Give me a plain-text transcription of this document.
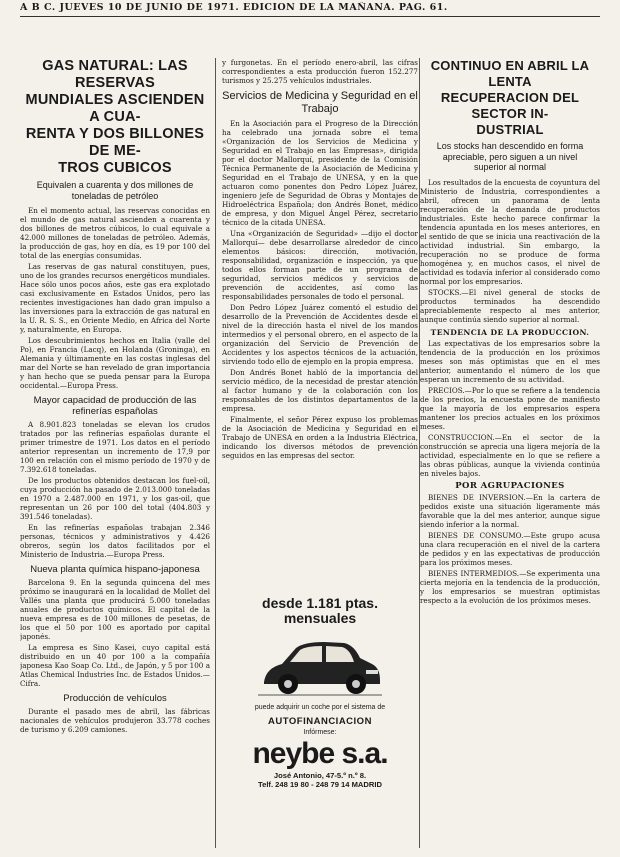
A B C. JUEVES 10 DE JUNIO DE 1971. EDICION DE LA MAÑANA. PAG. 61.
GAS NATURAL: LAS RESERVAS
MUNDIALES ASCIENDEN A CUA-
RENTA Y DOS BILLONES DE ME-
TROS CUBICOS
Equivalen a cuarenta y dos millones de toneladas de petróleo

En el momento actual, las reservas conocidas en el mundo de gas natural ascienden a cuarenta y dos billones de metros cúbicos, lo cual equivale a 42.000 millones de toneladas de petróleo. Además, la producción de gas, hoy en día, es 19 por 100 del total de las energías consumidas.

Las reservas de gas natural constituyen, pues, uno de los grandes recursos energéticos mundiales. Hace sólo unos pocos años, este gas era explotado casi exclusivamente en Estados Unidos, pero las recientes investigaciones han dado gran impulso a las inversiones para la extracción de gas natural en la U. R. S. S., en Oriente Medio, en Africa del Norte y, naturalmente, en Europa.

Los descubrimientos hechos en Italia (valle del Po), en Francia (Lacq), en Holanda (Groninga), en Alemania y últimamente en las costas inglesas del mar del Norte se han revelado de gran importancia y han hecho que se pueda pensar para la Europa occidental.—Europa Press.

Mayor capacidad de producción de las refinerías españolas

A 8.901.823 toneladas se elevan los crudos tratados por las refinerías españolas durante el primer trimestre de 1971. Los datos en el período anterior representan un incremento de 17,9 por 100 en relación con el mismo período de 1970 y de 7.392.618 toneladas.

De los productos obtenidos destacan los fuel-oil, cuya producción ha pasado de 2.013.000 toneladas en 1970 a 2.487.000 en 1971, y los gas-oil, que representan un 26 por 100 del total (404.803 y 391.546 toneladas).

En las refinerías españolas trabajan 2.346 personas, técnicos y administrativos y 4.426 obreros, según los datos facilitados por el Ministerio de Industria.—Europa Press.

Nueva planta química hispano-japonesa

Barcelona 9. En la segunda quincena del mes próximo se inaugurará en la localidad de Mollet del Vallés una planta que producirá 5.000 toneladas anuales de productos químicos. El capital de la nueva empresa es de 100 millones de pesetas, de los que el 50 por 100 es aportado por capital japonés.

La empresa es Sino Kasei, cuyo capital está distribuido en un 40 por 100 a la compañía japonesa Kao Soap Co. Ltd., de Japón, y 5 por 100 a Atlas Chemical Industries Inc. de Estados Unidos.—Cifra.

Producción de vehículos

Durante el pasado mes de abril, las fábricas nacionales de vehículos produjeron 33.778 coches de turismo y 6.209 camiones.

y furgonetas. En el período enero-abril, las cifras correspondientes a esta producción fueron 152.277 turismos y 25.275 vehículos industriales.

Servicios de Medicina y Seguridad en el Trabajo

En la Asociación para el Progreso de la Dirección ha celebrado una jornada sobre el tema «Organización de los Servicios de Medicina y Seguridad en el Trabajo en las Empresas», dirigida por el doctor Mallorquí, presidente de la Comisión Técnica Permanente de la Asociación de Medicina y Seguridad en el Trabajo de UNESA, y en la que actuaron como ponentes don Pedro López Juárez, ingeniero jefe de Seguridad de Obras y Montajes de Hidroeléctrica Española; don Andrés Bonet, médico de empresa, y don Miguel Ángel Pérez, secretario técnico de la citada UNESA.

Una «Organización de Seguridad» —dijo el doctor Mallorquí— debe desarrollarse alrededor de cinco elementos básicos: dirección, motivación, responsabilidad, organización e inspección, ya que todos ellos forman parte de un programa de seguridad, servicios médicos y servicios de prevención de accidentes, así como las responsabilidades personales de todo el personal.

Don Pedro López Juárez comentó el estudio del desarrollo de la Prevención de Accidentes desde el nivel de la dirección hasta el nivel de los mandos intermedios y el personal obrero, en el aspecto de la organización del Servicio de Prevención de Accidentes y los aspectos técnicos de la actuación, sirviendo todo ello de ejemplo en la propia empresa.

Don Andrés Bonet habló de la importancia del servicio médico, de la necesidad de prestar atención al factor humano y de la colaboración con los responsables de los distintos departamentos de la empresa.

Finalmente, el señor Pérez expuso los problemas de la Asociación de Medicina y Seguridad en el Trabajo de UNESA en orden a la Industria Eléctrica, indicando los diversos métodos de prevención seguidos en las empresas del sector.

desde 1.181 ptas.
mensuales
puede adquirir un coche por el sistema de
AUTOFINANCIACION
Infórmese:
neybe s.a.
José Antonio, 47-5.º n.º 8.
Telf. 248 19 80 - 248 79 14 MADRID
CONTINUO EN ABRIL LA LENTA
RECUPERACION DEL SECTOR IN-
DUSTRIAL
Los stocks han descendido en forma apreciable, pero siguen a un nivel superior al normal

Los resultados de la encuesta de coyuntura del Ministerio de Industria, correspondientes a abril, ofrecen un panorama de lenta recuperación de la demanda de productos industriales. Este hecho parece confirmar la tendencia apuntada en los meses anteriores, en el sentido de que se inicia una reactivación de la actividad industrial. Sin embargo, la recuperación no se produce de forma homogénea y, en muchos casos, el nivel de actividad es todavía inferior al considerado como normal por los empresarios.

STOCKS.—El nivel general de stocks de productos terminados ha descendido apreciablemente respecto al mes anterior, aunque continúa siendo superior al normal.

TENDENCIA DE LA PRODUCCION.

Las expectativas de los empresarios sobre la tendencia de la producción en los próximos meses son más optimistas que en el mes anterior, aumentando el número de los que esperan un incremento de su actividad.

PRECIOS.—Por lo que se refiere a la tendencia de los precios, la encuesta pone de manifiesto que la mayoría de los empresarios espera mantener los precios actuales en los próximos meses.

CONSTRUCCION.—En el sector de la construcción se aprecia una ligera mejoría de la actividad, especialmente en lo que se refiere a las obras públicas, aunque la vivienda continúa en niveles bajos.

POR AGRUPACIONES

BIENES DE INVERSION.—En la cartera de pedidos existe una situación ligeramente más favorable que la del mes anterior, aunque sigue siendo inferior a la normal.

BIENES DE CONSUMO.—Este grupo acusa una clara recuperación en el nivel de la cartera de pedidos y en las expectativas de producción para los próximos meses.

BIENES INTERMEDIOS.—Se experimenta una cierta mejoría en la tendencia de la producción, y los empresarios se muestran optimistas respecto a la evolución de los próximos meses.
